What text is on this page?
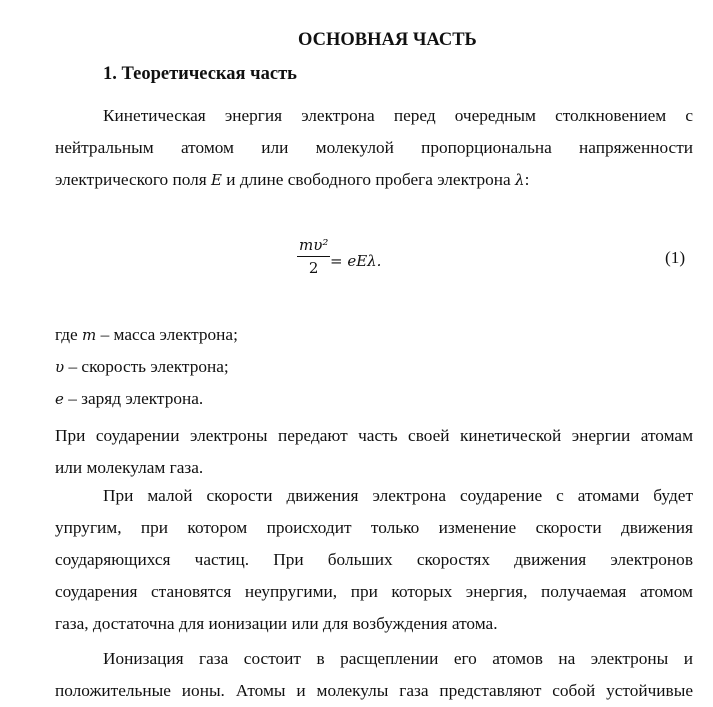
ОСНОВНАЯ ЧАСТЬ
1. Теоретическая часть
Кинетическая энергия электрона перед очередным столкновением с
нейтральным атомом или молекулой пропорциональна напряженности
электрического поля E и длине свободного пробега электрона λ:
$\frac{\text{mυ²}}{2} = eE\lambda$.	(1)
где m – масса электрона;
υ – скорость электрона;
e – заряд электрона.
При соударении электроны передают часть своей кинетической энергии атомам
или молекулам газа.
При малой скорости движения электрона соударение с атомами будет
упругим, при котором происходит только изменение скорости движения
соударяющихся частиц. При больших скоростях движения электронов
соударения становятся неупругими, при которых энергия, получаемая атомом
газа, достаточна для ионизации или для возбуждения атома.
Ионизация газа состоит в расщеплении его атомов на электроны и
положительные ионы. Атомы и молекулы газа представляют собой устойчивые
